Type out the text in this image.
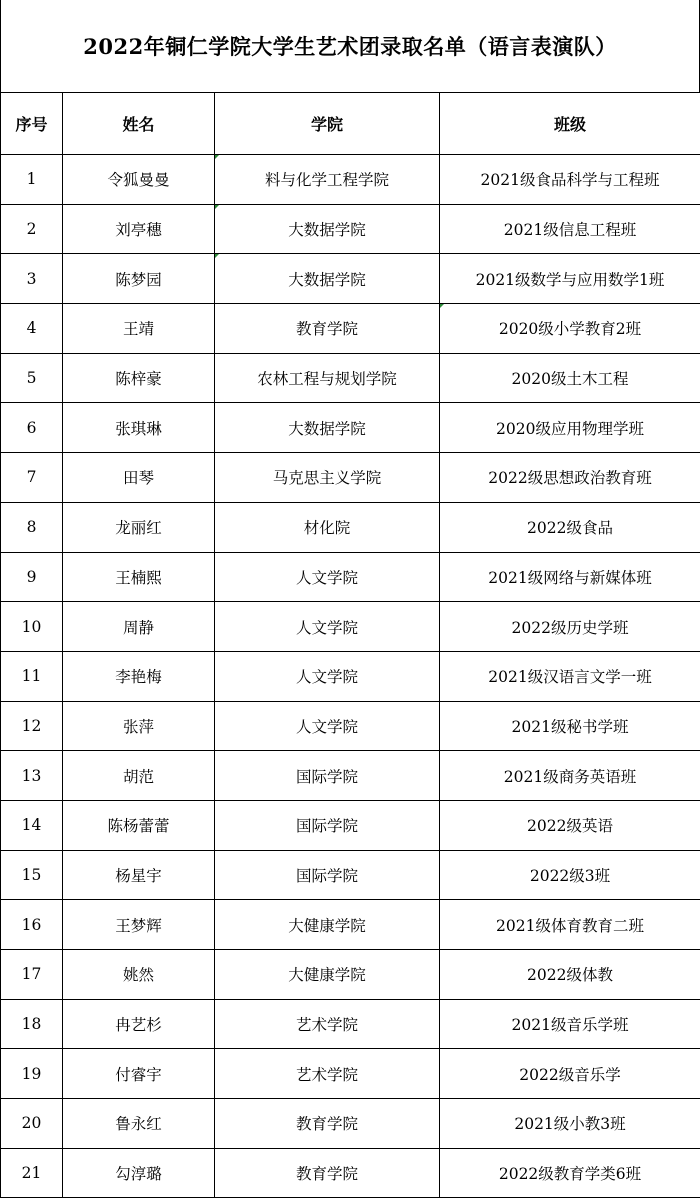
2022年铜仁学院大学生艺术团录取名单（语言表演队）
序号	姓名	学院	班级
1	令狐曼曼	料与化学工程学院	2021级食品科学与工程班
2	刘亭穗	大数据学院	2021级信息工程班
3	陈梦园	大数据学院	2021级数学与应用数学1班
4	王靖	教育学院	2020级小学教育2班
5	陈梓豪	农林工程与规划学院	2020级土木工程
6	张琪琳	大数据学院	2020级应用物理学班
7	田琴	马克思主义学院	2022级思想政治教育班
8	龙丽红	材化院	2022级食品
9	王楠熙	人文学院	2021级网络与新媒体班
10	周静	人文学院	2022级历史学班
11	李艳梅	人文学院	2021级汉语言文学一班
12	张萍	人文学院	2021级秘书学班
13	胡范	国际学院	2021级商务英语班
14	陈杨蕾蕾	国际学院	2022级英语
15	杨星宇	国际学院	2022级3班
16	王梦辉	大健康学院	2021级体育教育二班
17	姚然	大健康学院	2022级体教
18	冉艺杉	艺术学院	2021级音乐学班
19	付睿宇	艺术学院	2022级音乐学
20	鲁永红	教育学院	2021级小教3班
21	勾淳璐	教育学院	2022级教育学类6班
